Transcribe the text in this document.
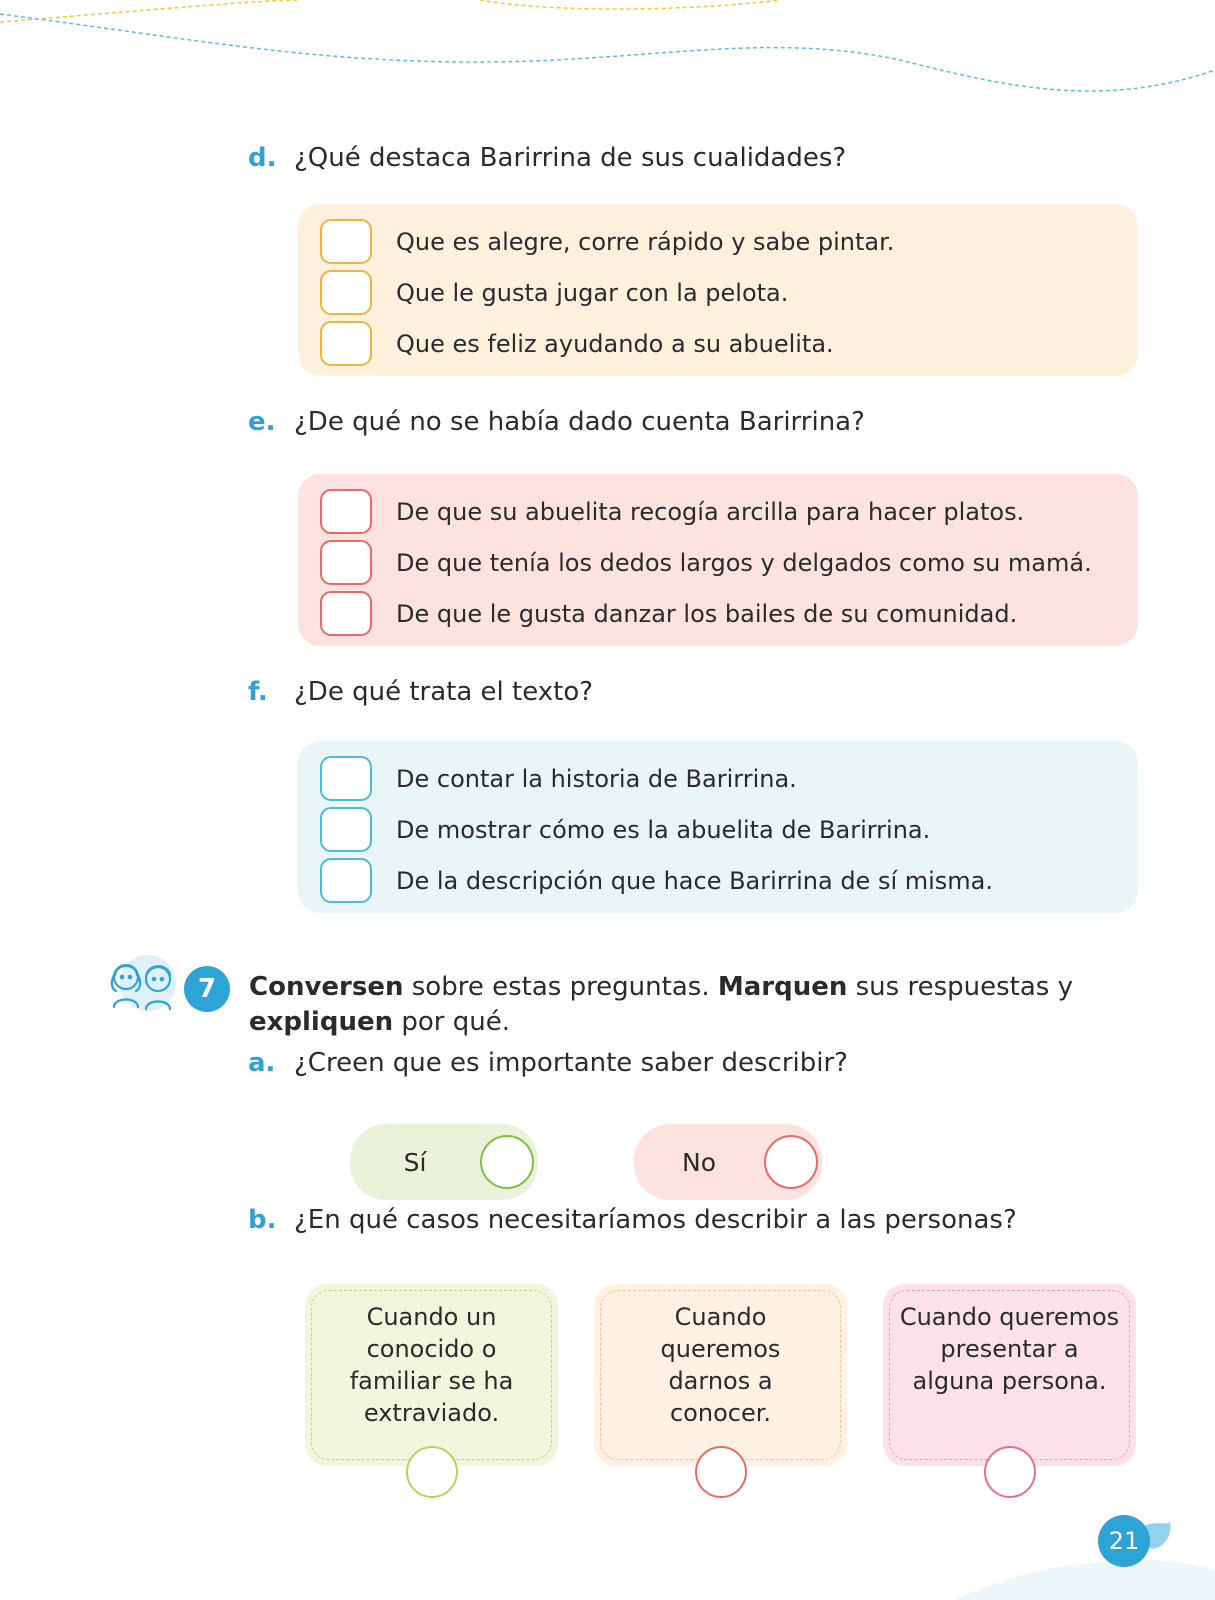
d. ¿Qué destaca Barirrina de sus cualidades?
Que es alegre, corre rápido y sabe pintar.
Que le gusta jugar con la pelota.
Que es feliz ayudando a su abuelita.
e. ¿De qué no se había dado cuenta Barirrina?
De que su abuelita recogía arcilla para hacer platos.
De que tenía los dedos largos y delgados como su mamá.
De que le gusta danzar los bailes de su comunidad.
f.	¿De qué trata el texto?
De contar la historia de Barirrina.
De mostrar cómo es la abuelita de Barirrina.
De la descripción que hace Barirrina de sí misma.
7	Conversen sobre estas preguntas. Marquen sus respuestas y expliquen por qué.
a. ¿Creen que es importante saber describir?
Sí	No
b. ¿En qué casos necesitaríamos describir a las personas?
Cuando un conocido o familiar se ha extraviado.
Cuando queremos darnos a conocer.
Cuando queremos presentar a alguna persona.
21
